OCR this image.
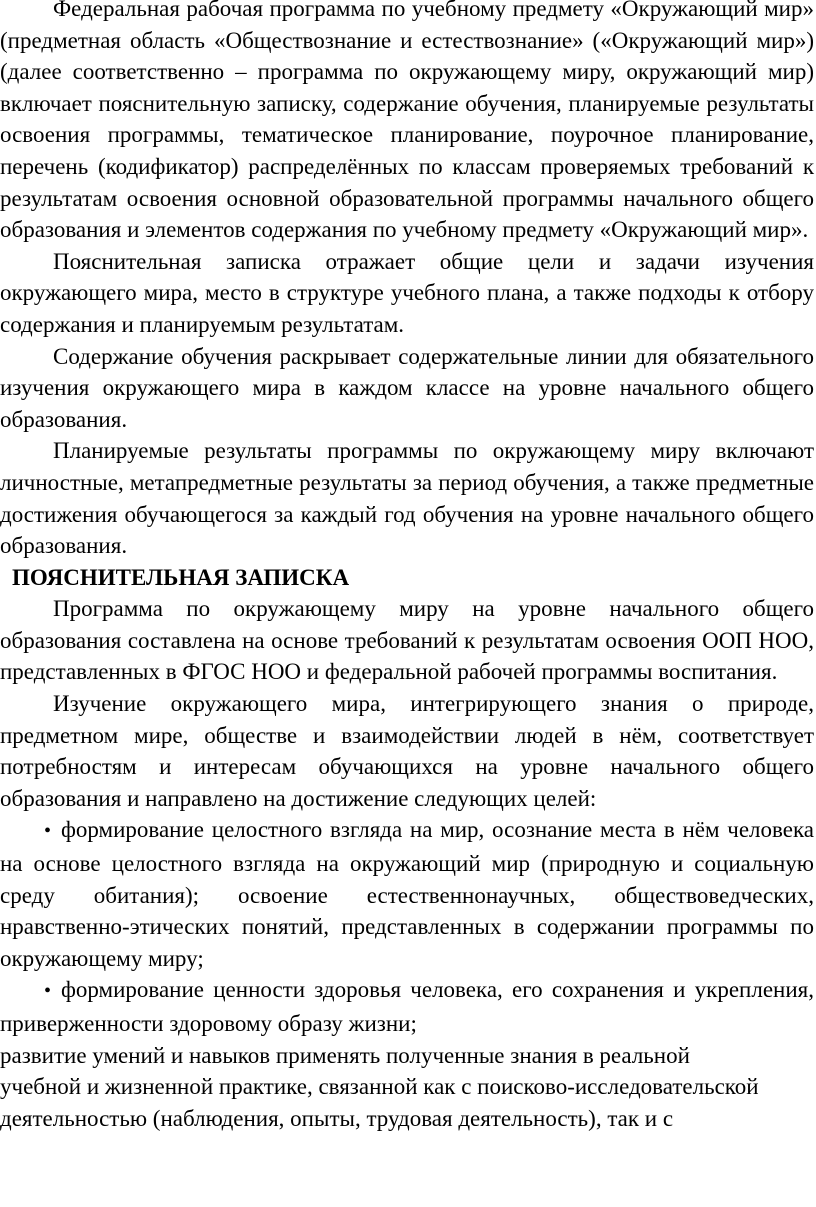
Федеральная рабочая программа по учебному предмету «Окружающий мир» (предметная область «Обществознание и естествознание» («Окружающий мир») (далее соответственно – программа по окружающему миру, окружающий мир) включает пояснительную записку, содержание обучения, планируемые результаты освоения программы, тематическое планирование, поурочное планирование, перечень (кодификатор) распределённых по классам проверяемых требований к результатам освоения основной образовательной программы начального общего образования и элементов содержания по учебному предмету «Окружающий мир».

Пояснительная записка отражает общие цели и задачи изучения окружающего мира, место в структуре учебного плана, а также подходы к отбору содержания и планируемым результатам.

Содержание обучения раскрывает содержательные линии для обязательного изучения окружающего мира в каждом классе на уровне начального общего образования.

Планируемые результаты программы по окружающему миру включают личностные, метапредметные результаты за период обучения, а также предметные достижения обучающегося за каждый год обучения на уровне начального общего образования.

ПОЯСНИТЕЛЬНАЯ ЗАПИСКА

Программа по окружающему миру на уровне начального общего образования составлена на основе требований к результатам освоения ООП НОО, представленных в ФГОС НОО и федеральной рабочей программы воспитания.

Изучение окружающего мира, интегрирующего знания о природе, предметном мире, обществе и взаимодействии людей в нём, соответствует потребностям и интересам обучающихся на уровне начального общего образования и направлено на достижение следующих целей:

• формирование целостного взгляда на мир, осознание места в нём человека на основе целостного взгляда на окружающий мир (природную и социальную среду обитания); освоение естественнонаучных, обществоведческих, нравственно-этических понятий, представленных в содержании программы по окружающему миру;

• формирование ценности здоровья человека, его сохранения и укрепления, приверженности здоровому образу жизни;

развитие умений и навыков применять полученные знания в реальной

учебной и жизненной практике, связанной как с поисково-исследовательской

деятельностью (наблюдения, опыты, трудовая деятельность), так и с
